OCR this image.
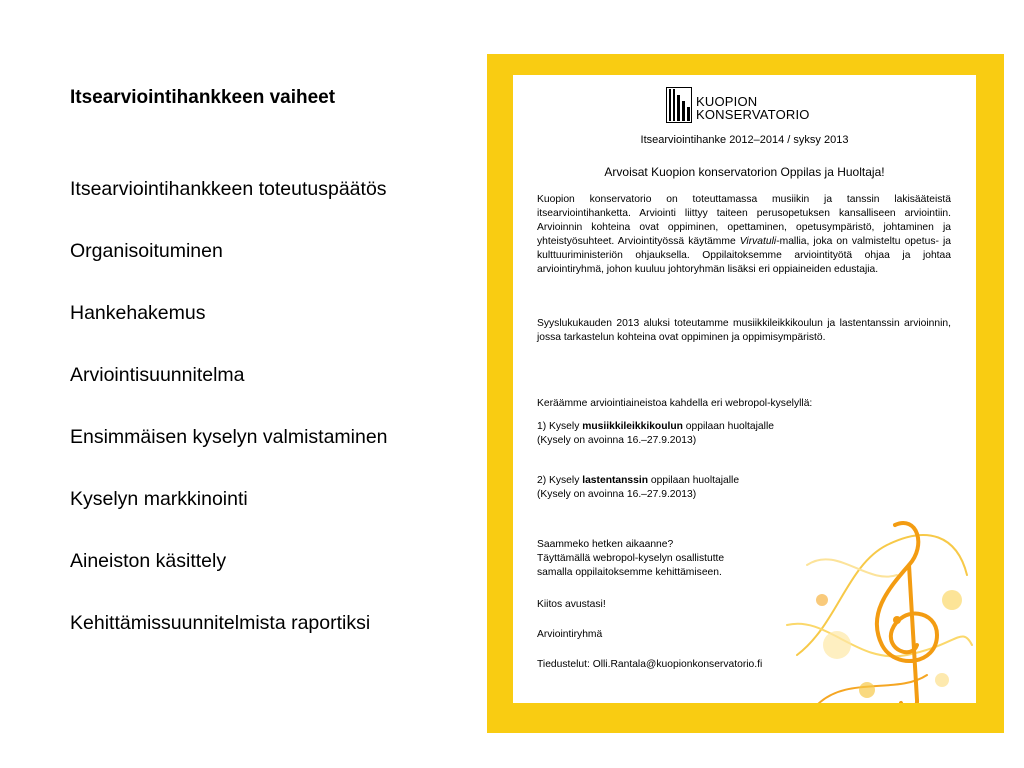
Itsearviointihankkeen vaiheet
Itsearviointihankkeen toteutuspäätös
Organisoituminen
Hankehakemus
Arviointisuunnitelma
Ensimmäisen kyselyn valmistaminen
Kyselyn markkinointi
Aineiston käsittely
Kehittämissuunnitelmista raportiksi
KUOPION
KONSERVATORIO
Itsearviointihanke 2012–2014 / syksy 2013
Arvoisat Kuopion konservatorion Oppilas ja Huoltaja!
Kuopion konservatorio on toteuttamassa musiikin ja tanssin lakisääteistä itsearviointihanketta. Arviointi liittyy taiteen perusopetuksen kansalliseen arviointiin. Arvioinnin kohteina ovat oppiminen, opettaminen, opetusympäristö, johtaminen ja yhteistyösuhteet. Arviointityössä käytämme Virvatuli-mallia, joka on valmisteltu opetus- ja kulttuuriministeriön ohjauksella. Oppilaitoksemme arviointityötä ohjaa ja johtaa arviointiryhmä, johon kuuluu johtoryhmän lisäksi eri oppiaineiden edustajia.
Syyslukukauden 2013 aluksi toteutamme musiikkileikkikoulun ja lastentanssin arvioinnin, jossa tarkastelun kohteina ovat oppiminen ja oppimisympäristö.
Keräämme arviointiaineistoa kahdella eri webropol-kyselyllä:
1) Kysely musiikkileikkikoulun oppilaan huoltajalle
(Kysely on avoinna 16.–27.9.2013)
2) Kysely lastentanssin oppilaan huoltajalle
(Kysely on avoinna 16.–27.9.2013)
Saammeko hetken aikaanne?
Täyttämällä webropol-kyselyn osallistutte
samalla oppilaitoksemme kehittämiseen.
Kiitos avustasi!
Arviointiryhmä
Tiedustelut: Olli.Rantala@kuopionkonservatorio.fi
